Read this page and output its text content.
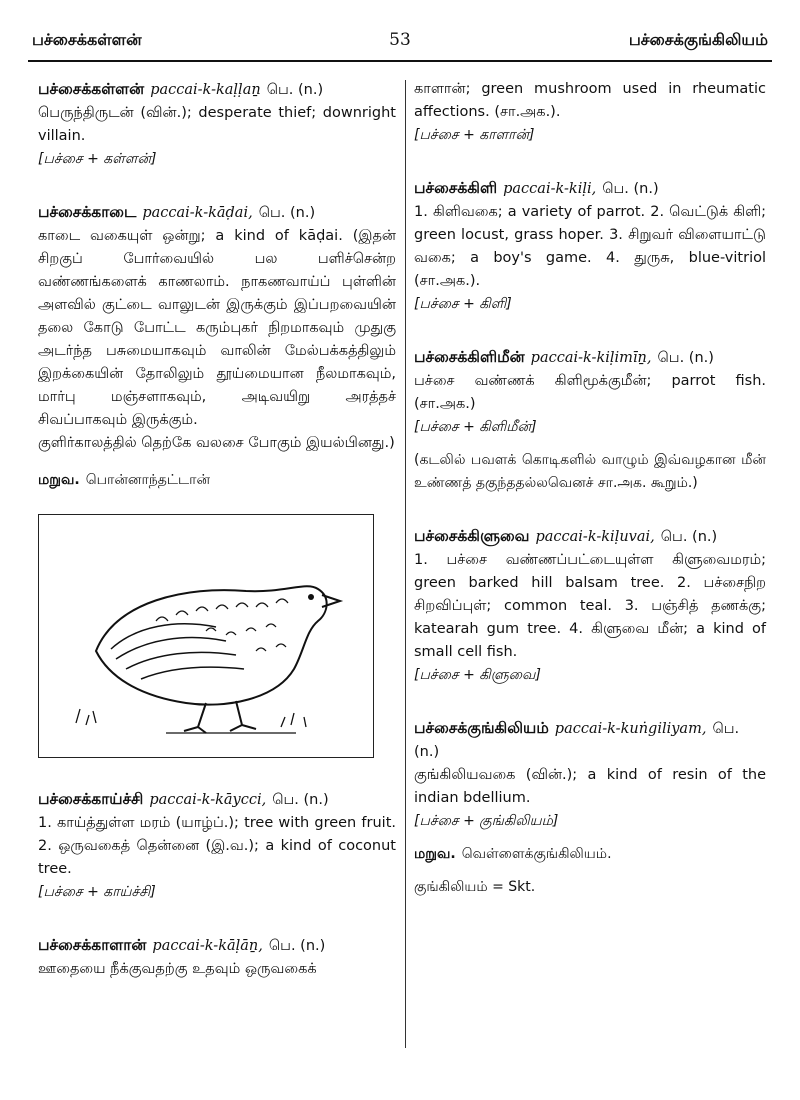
பச்சைக்கள்ளன்	53	பச்சைக்குங்கிலியம்

பச்சைக்கள்ளன் paccai-k-kaḷḷaṉ பெ. (n.)

பெருந்திருடன் (வின்.); desperate thief; downright villain.

[பச்சை + கள்ளன்]

பச்சைக்காடை paccai-k-kāḍai, பெ. (n.)

காடை வகையுள் ஒன்று; a kind of kāḍai. (இதன் சிறகுப் போர்வையில் பல பளிச்சென்ற வண்ணங்களைக் காணலாம். நாகணவாய்ப் புள்ளின் அளவில் குட்டை வாலுடன் இருக்கும் இப்பறவையின் தலை கோடு போட்ட கரும்புகர் நிறமாகவும் முதுகு அடர்ந்த பசுமையாகவும் வாலின் மேல்பக்கத்திலும் இறக்கையின் தோலிலும் தூய்மையான நீலமாகவும், மார்பு மஞ்சளாகவும், அடிவயிறு அரத்தச் சிவப்பாகவும் இருக்கும்.

குளிர்காலத்தில் தெற்கே வலசை போகும் இயல்பினது.)

மறுவ. பொன்னாந்தட்டான்

பச்சைக்காய்ச்சி paccai-k-kāycci, பெ. (n.)

1. காய்த்துள்ள மரம் (யாழ்ப்.); tree with green fruit. 2. ஒருவகைத் தென்னை (இ.வ.); a kind of coconut tree.

[பச்சை + காய்ச்சி]

பச்சைக்காளான் paccai-k-kāḷāṉ, பெ. (n.)

ஊதையை நீக்குவதற்கு உதவும் ஒருவகைக்

காளான்; green mushroom used in rheumatic affections. (சா.அக.).

[பச்சை + காளான்]

பச்சைக்கிளி paccai-k-kiḷi, பெ. (n.)

1. கிளிவகை; a variety of parrot. 2. வெட்டுக் கிளி; green locust, grass hoper. 3. சிறுவர் விளையாட்டு வகை; a boy's game. 4. துருசு, blue-vitriol (சா.அக.).

[பச்சை + கிளி]

பச்சைக்கிளிமீன் paccai-k-kiḷimīṉ, பெ. (n.)

பச்சை வண்ணக் கிளிமூக்குமீன்; parrot fish. (சா.அக.)

[பச்சை + கிளிமீன்]

(கடலில் பவளக் கொடிகளில் வாழும் இவ்வழகான மீன் உண்ணத் தகுந்ததல்லவெனச் சா.அக. கூறும்.)

பச்சைக்கிளுவை paccai-k-kiḷuvai, பெ. (n.)

1. பச்சை வண்ணப்பட்டையுள்ள கிளுவைமரம்; green barked hill balsam tree. 2. பச்சைநிற சிறவிப்புள்; common teal. 3. பஞ்சித் தணக்கு; katearah gum tree. 4. கிளுவை மீன்; a kind of small cell fish.

[பச்சை + கிளுவை]

பச்சைக்குங்கிலியம் paccai-k-kuṅgiliyam, பெ. (n.)

குங்கிலியவகை (வின்.); a kind of resin of the indian bdellium.

[பச்சை + குங்கிலியம்]

மறுவ. வெள்ளைக்குங்கிலியம்.

குங்கிலியம் = Skt.
